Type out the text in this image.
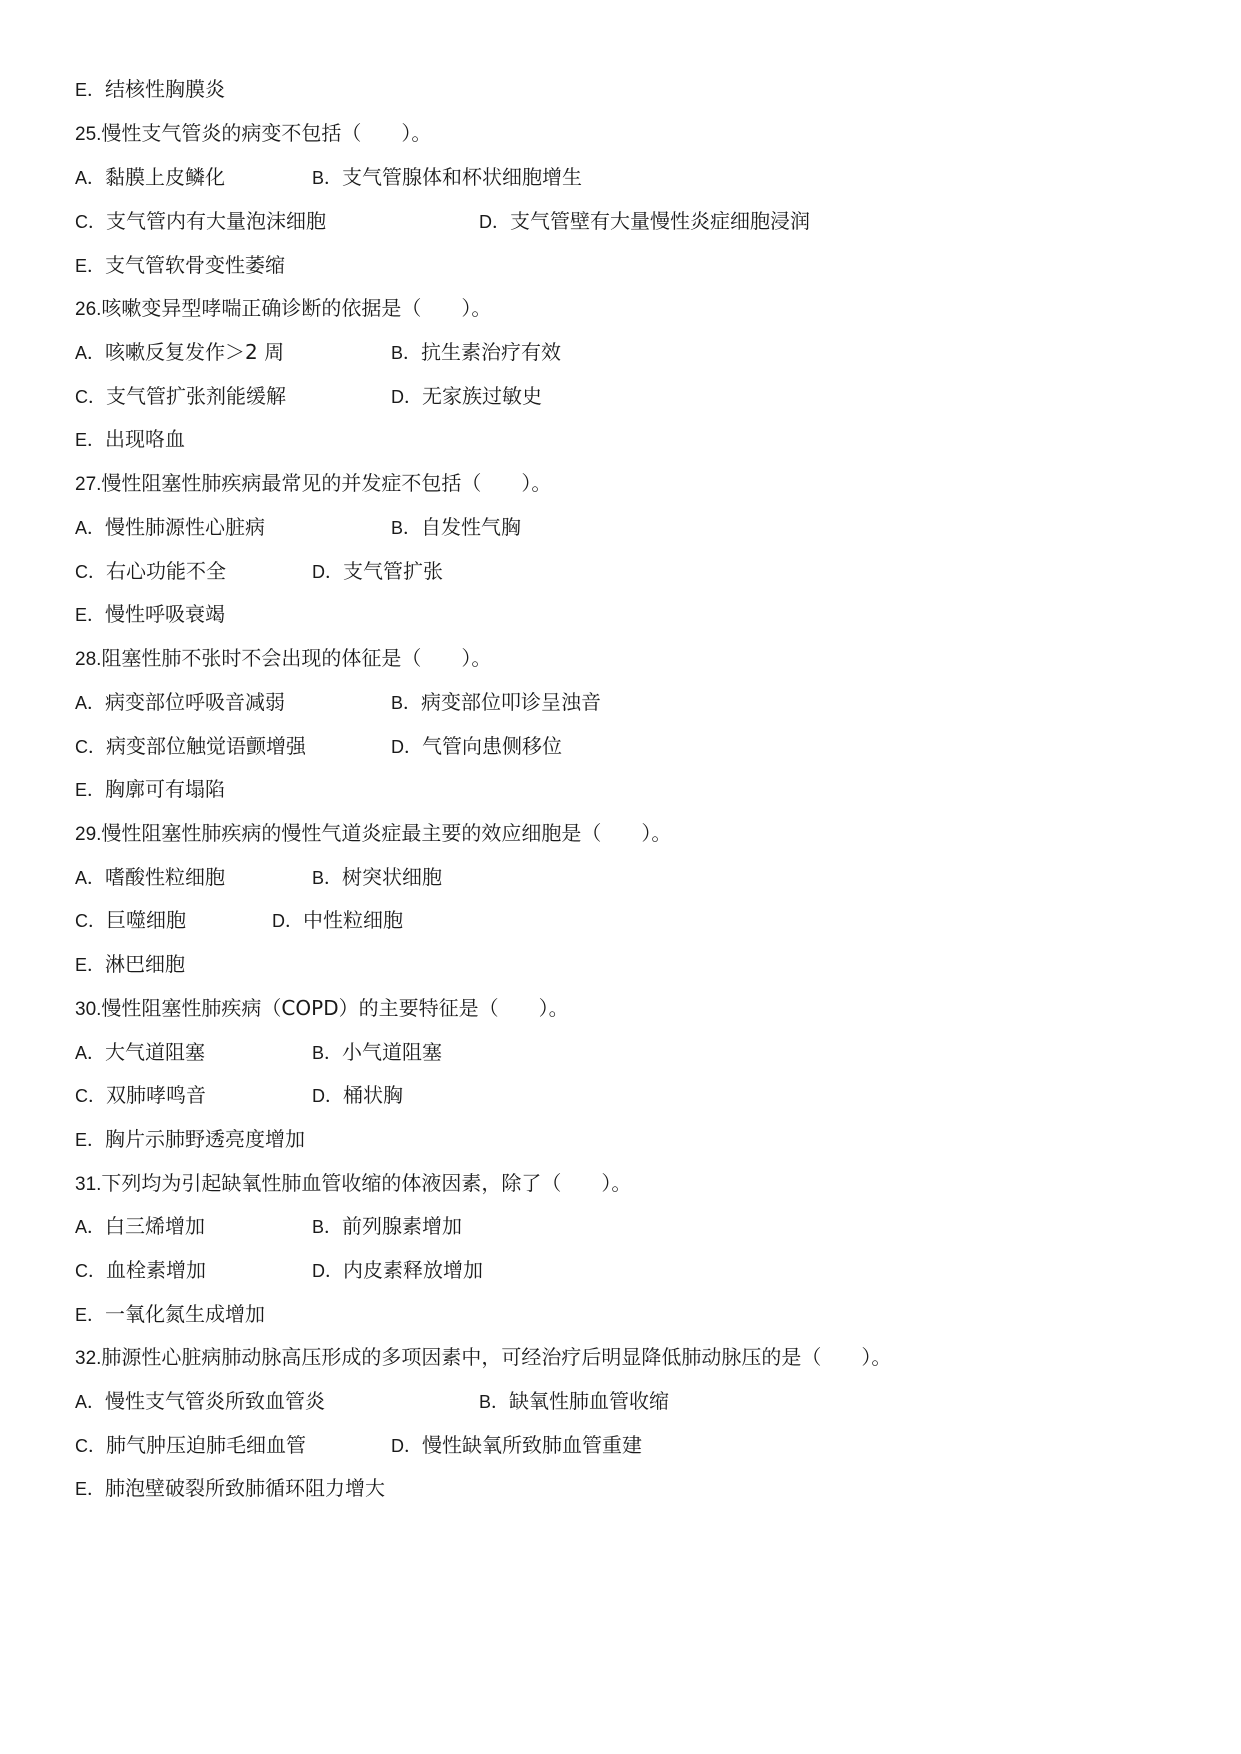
E．结核性胸膜炎
25.慢性支气管炎的病变不包括（　　）。
A．黏膜上皮鳞化	B．支气管腺体和杯状细胞增生
C．支气管内有大量泡沫细胞	D．支气管壁有大量慢性炎症细胞浸润
E．支气管软骨变性萎缩
26.咳嗽变异型哮喘正确诊断的依据是（　　）。
A．咳嗽反复发作＞2 周	B．抗生素治疗有效
C．支气管扩张剂能缓解	D．无家族过敏史
E．出现咯血
27.慢性阻塞性肺疾病最常见的并发症不包括（　　）。
A．慢性肺源性心脏病	B．自发性气胸
C．右心功能不全	D．支气管扩张
E．慢性呼吸衰竭
28.阻塞性肺不张时不会出现的体征是（　　）。
A．病变部位呼吸音减弱	B．病变部位叩诊呈浊音
C．病变部位触觉语颤增强	D．气管向患侧移位
E．胸廓可有塌陷
29.慢性阻塞性肺疾病的慢性气道炎症最主要的效应细胞是（　　）。
A．嗜酸性粒细胞	B．树突状细胞
C．巨噬细胞	D．中性粒细胞
E．淋巴细胞
30.慢性阻塞性肺疾病（COPD）的主要特征是（　　）。
A．大气道阻塞	B．小气道阻塞
C．双肺哮鸣音	D．桶状胸
E．胸片示肺野透亮度增加
31.下列均为引起缺氧性肺血管收缩的体液因素，除了（　　）。
A．白三烯增加	B．前列腺素增加
C．血栓素增加	D．内皮素释放增加
E．一氧化氮生成增加
32.肺源性心脏病肺动脉高压形成的多项因素中，可经治疗后明显降低肺动脉压的是（　　）。
A．慢性支气管炎所致血管炎	B．缺氧性肺血管收缩
C．肺气肿压迫肺毛细血管	D．慢性缺氧所致肺血管重建
E．肺泡壁破裂所致肺循环阻力增大
